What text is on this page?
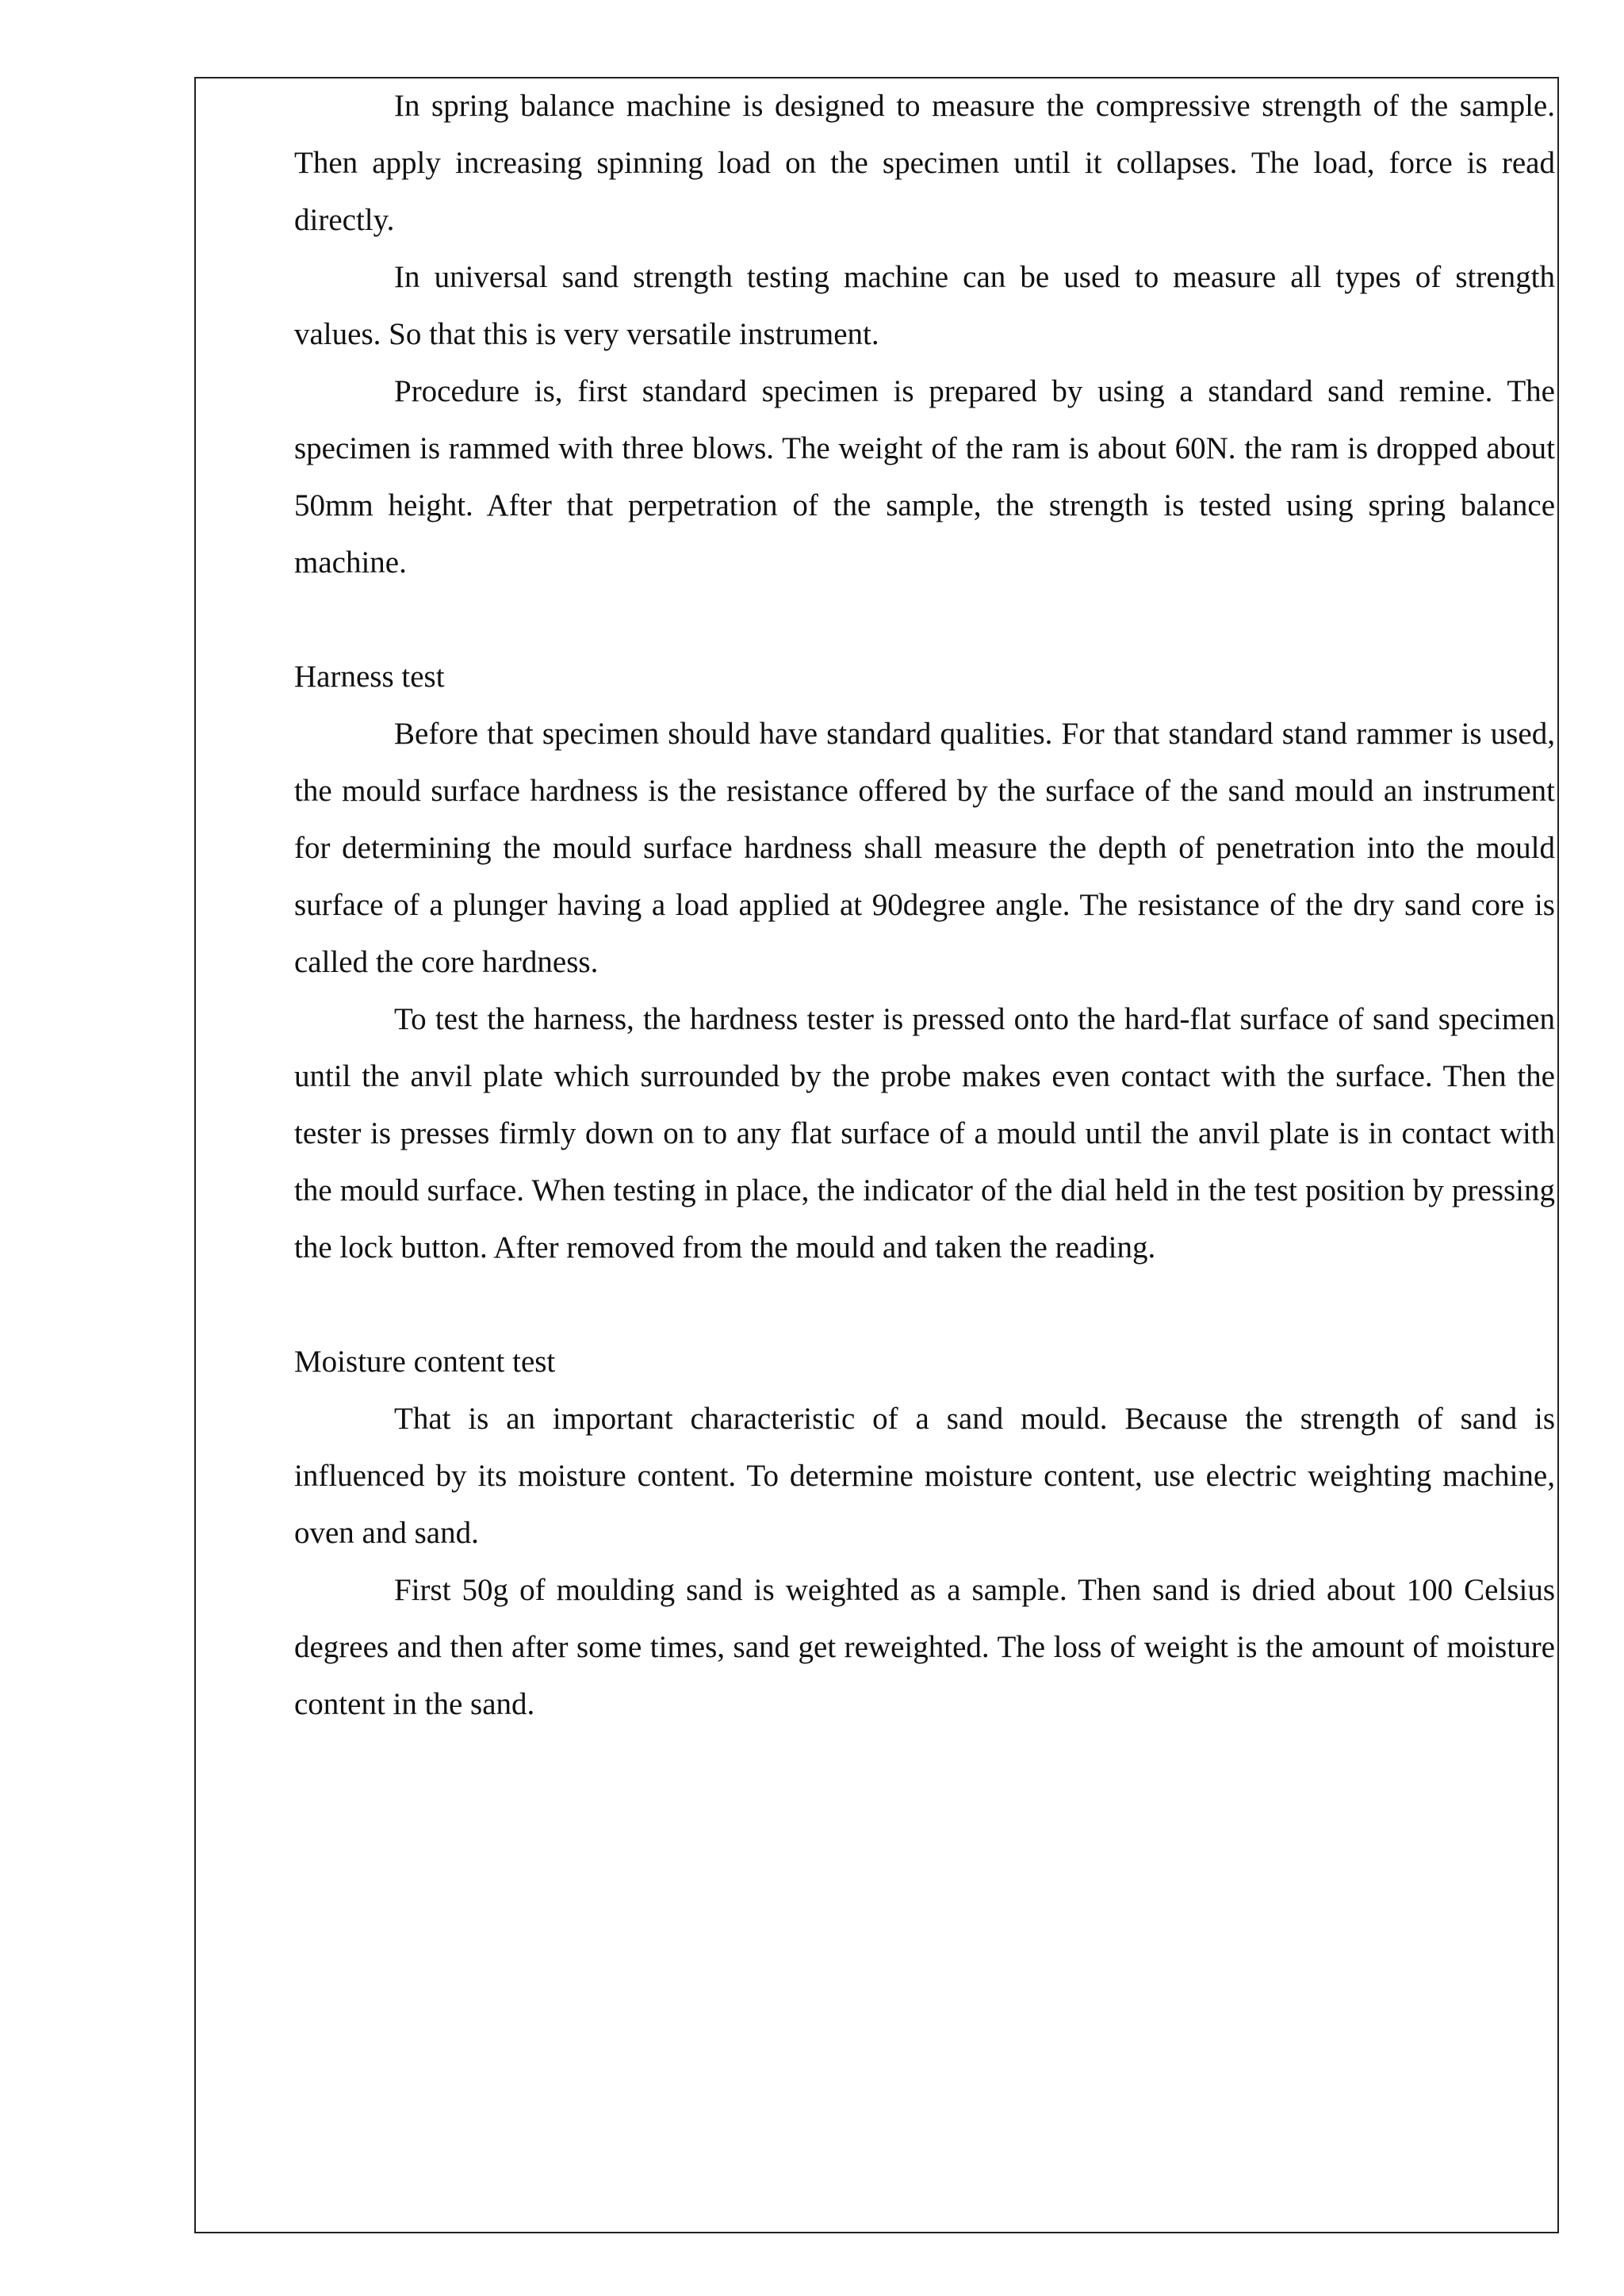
In spring balance machine is designed to measure the compressive strength of the sample. Then apply increasing spinning load on the specimen until it collapses. The load, force is read directly.

In universal sand strength testing machine can be used to measure all types of strength values. So that this is very versatile instrument.

Procedure is, first standard specimen is prepared by using a standard sand remine. The specimen is rammed with three blows. The weight of the ram is about 60N. the ram is dropped about 50mm height. After that perpetration of the sample, the strength is tested using spring balance machine.

Harness test

Before that specimen should have standard qualities. For that standard stand rammer is used, the mould surface hardness is the resistance offered by the surface of the sand mould an instrument for determining the mould surface hardness shall measure the depth of penetration into the mould surface of a plunger having a load applied at 90degree angle. The resistance of the dry sand core is called the core hardness.

To test the harness, the hardness tester is pressed onto the hard-flat surface of sand specimen until the anvil plate which surrounded by the probe makes even contact with the surface. Then the tester is presses firmly down on to any flat surface of a mould until the anvil plate is in contact with the mould surface. When testing in place, the indicator of the dial held in the test position by pressing the lock button. After removed from the mould and taken the reading.

Moisture content test

That is an important characteristic of a sand mould. Because the strength of sand is influenced by its moisture content. To determine moisture content, use electric weighting machine, oven and sand.

First 50g of moulding sand is weighted as a sample. Then sand is dried about 100 Celsius degrees and then after some times, sand get reweighted. The loss of weight is the amount of moisture content in the sand.
